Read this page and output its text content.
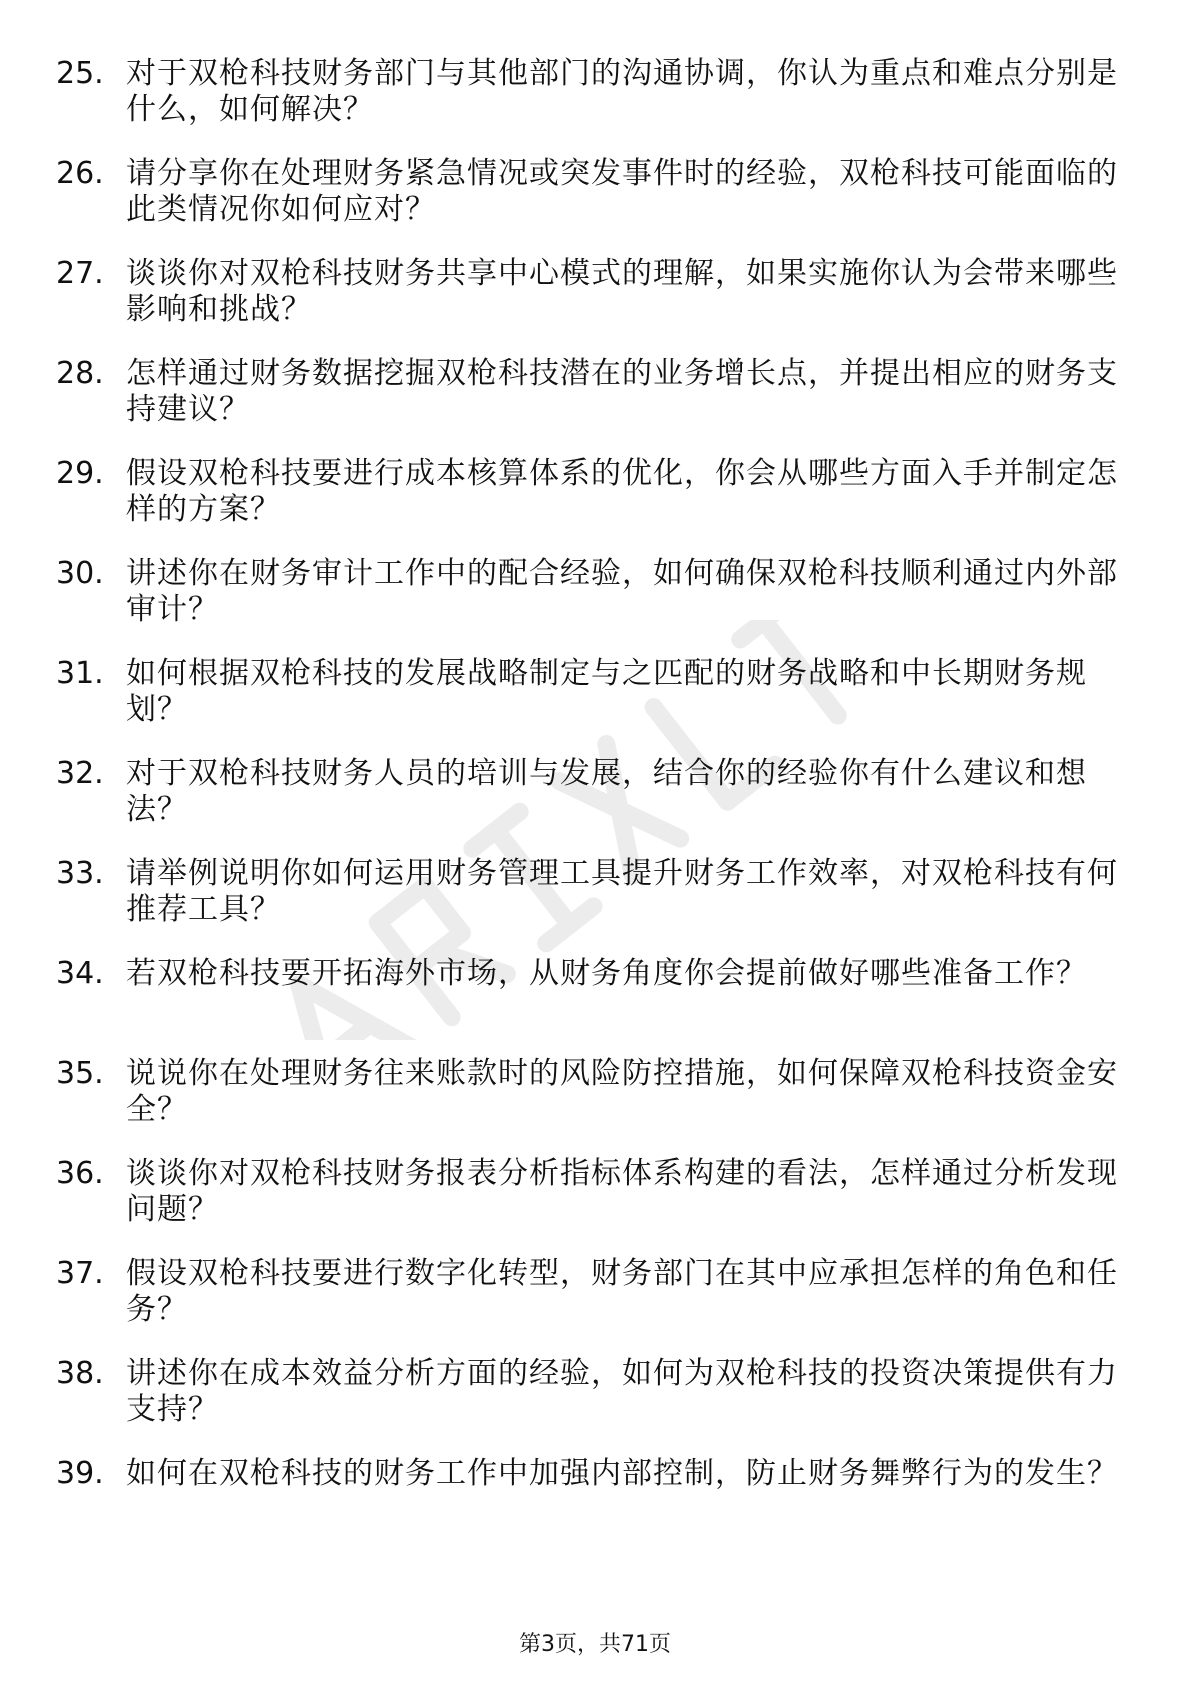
25. 对于双枪科技财务部门与其他部门的沟通协调，你认为重点和难点分别是什么，如何解决？
26. 请分享你在处理财务紧急情况或突发事件时的经验，双枪科技可能面临的此类情况你如何应对？
27. 谈谈你对双枪科技财务共享中心模式的理解，如果实施你认为会带来哪些影响和挑战？
28. 怎样通过财务数据挖掘双枪科技潜在的业务增长点，并提出相应的财务支持建议？
29. 假设双枪科技要进行成本核算体系的优化，你会从哪些方面入手并制定怎样的方案？
30. 讲述你在财务审计工作中的配合经验，如何确保双枪科技顺利通过内外部审计？
31. 如何根据双枪科技的发展战略制定与之匹配的财务战略和中长期财务规划？
32. 对于双枪科技财务人员的培训与发展，结合你的经验你有什么建议和想法？
33. 请举例说明你如何运用财务管理工具提升财务工作效率，对双枪科技有何推荐工具？
34. 若双枪科技要开拓海外市场，从财务角度你会提前做好哪些准备工作？
35. 说说你在处理财务往来账款时的风险防控措施，如何保障双枪科技资金安全？
36. 谈谈你对双枪科技财务报表分析指标体系构建的看法，怎样通过分析发现问题？
37. 假设双枪科技要进行数字化转型，财务部门在其中应承担怎样的角色和任务？
38. 讲述你在成本效益分析方面的经验，如何为双枪科技的投资决策提供有力支持？
39. 如何在双枪科技的财务工作中加强内部控制，防止财务舞弊行为的发生？
第3页，共71页
